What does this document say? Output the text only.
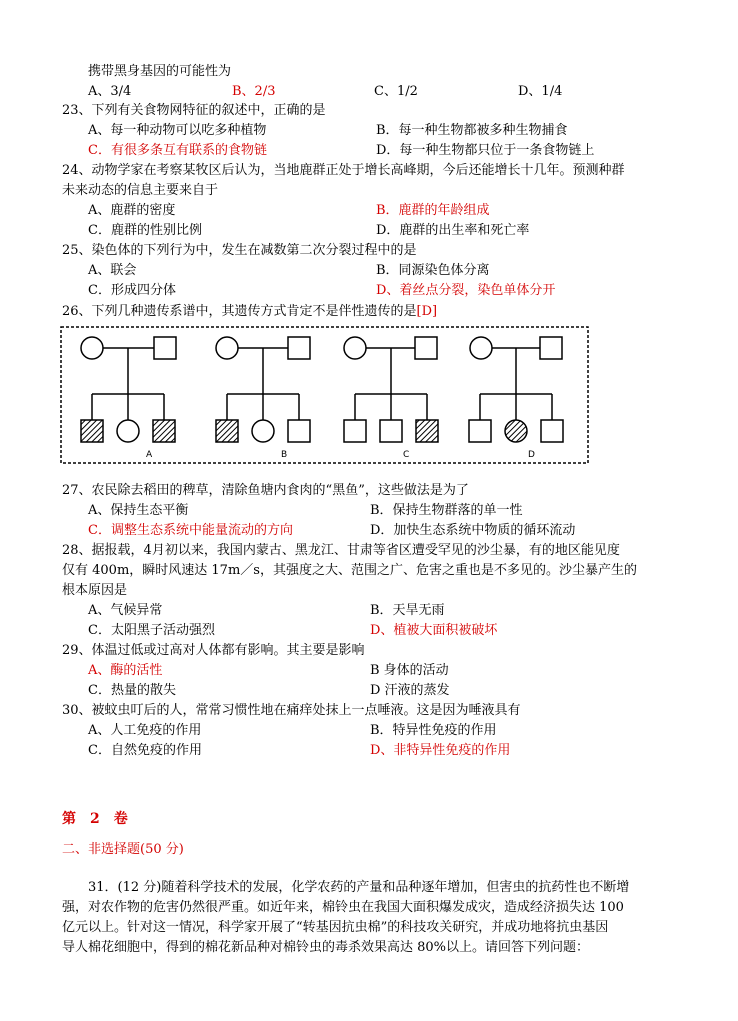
携带黑身基因的可能性为
A、3/4	B、2/3	C、1/2	D、1/4
23、下列有关食物网特征的叙述中，正确的是
A、每一种动物可以吃多种植物	B．每一种生物都被多种生物捕食
C．有很多条互有联系的食物链	D．每一种生物都只位于一条食物链上
24、动物学家在考察某牧区后认为，当地鹿群正处于增长高峰期，今后还能增长十几年。预测种群
未来动态的信息主要来自于
A、鹿群的密度	B．鹿群的年龄组成
C．鹿群的性别比例	D．鹿群的出生率和死亡率
25、染色体的下列行为中，发生在减数第二次分裂过程中的是
A、联会	B．同源染色体分离
C．形成四分体	D、着丝点分裂，染色单体分开
26、下列几种遗传系谱中，其遗传方式肯定不是伴性遗传的是[D]
A	B	C	D
27、农民除去稻田的稗草，清除鱼塘内食肉的“黑鱼”，这些做法是为了
A、保持生态平衡	B．保持生物群落的单一性
C．调整生态系统中能量流动的方向	D．加快生态系统中物质的循环流动
28、据报载，4月初以来，我国内蒙古、黑龙江、甘肃等省区遭受罕见的沙尘暴，有的地区能见度
仅有 400m，瞬时风速达 17m／s，其强度之大、范围之广、危害之重也是不多见的。沙尘暴产生的
根本原因是
A、气候异常	B．天旱无雨
C．太阳黑子活动强烈	D、植被大面积被破坏
29、体温过低或过高对人体都有影响。其主要是影响
A、酶的活性	B 身体的活动
C．热量的散失	D 汗液的蒸发
30、被蚊虫叮后的人，常常习惯性地在痛痒处抹上一点唾液。这是因为唾液具有
A、人工免疫的作用	B．特异性免疫的作用
C．自然免疫的作用	D、非特异性免疫的作用
第　2　卷
二、非选择题(50 分)
31．(12 分)随着科学技术的发展，化学农药的产量和品种逐年增加，但害虫的抗药性也不断增
强，对农作物的危害仍然很严重。如近年来，棉铃虫在我国大面积爆发成灾，造成经济损失达 100
亿元以上。针对这一情况，科学家开展了“转基因抗虫棉”的科技攻关研究，并成功地将抗虫基因
导人棉花细胞中，得到的棉花新品种对棉铃虫的毒杀效果高达 80%以上。请回答下列问题：
